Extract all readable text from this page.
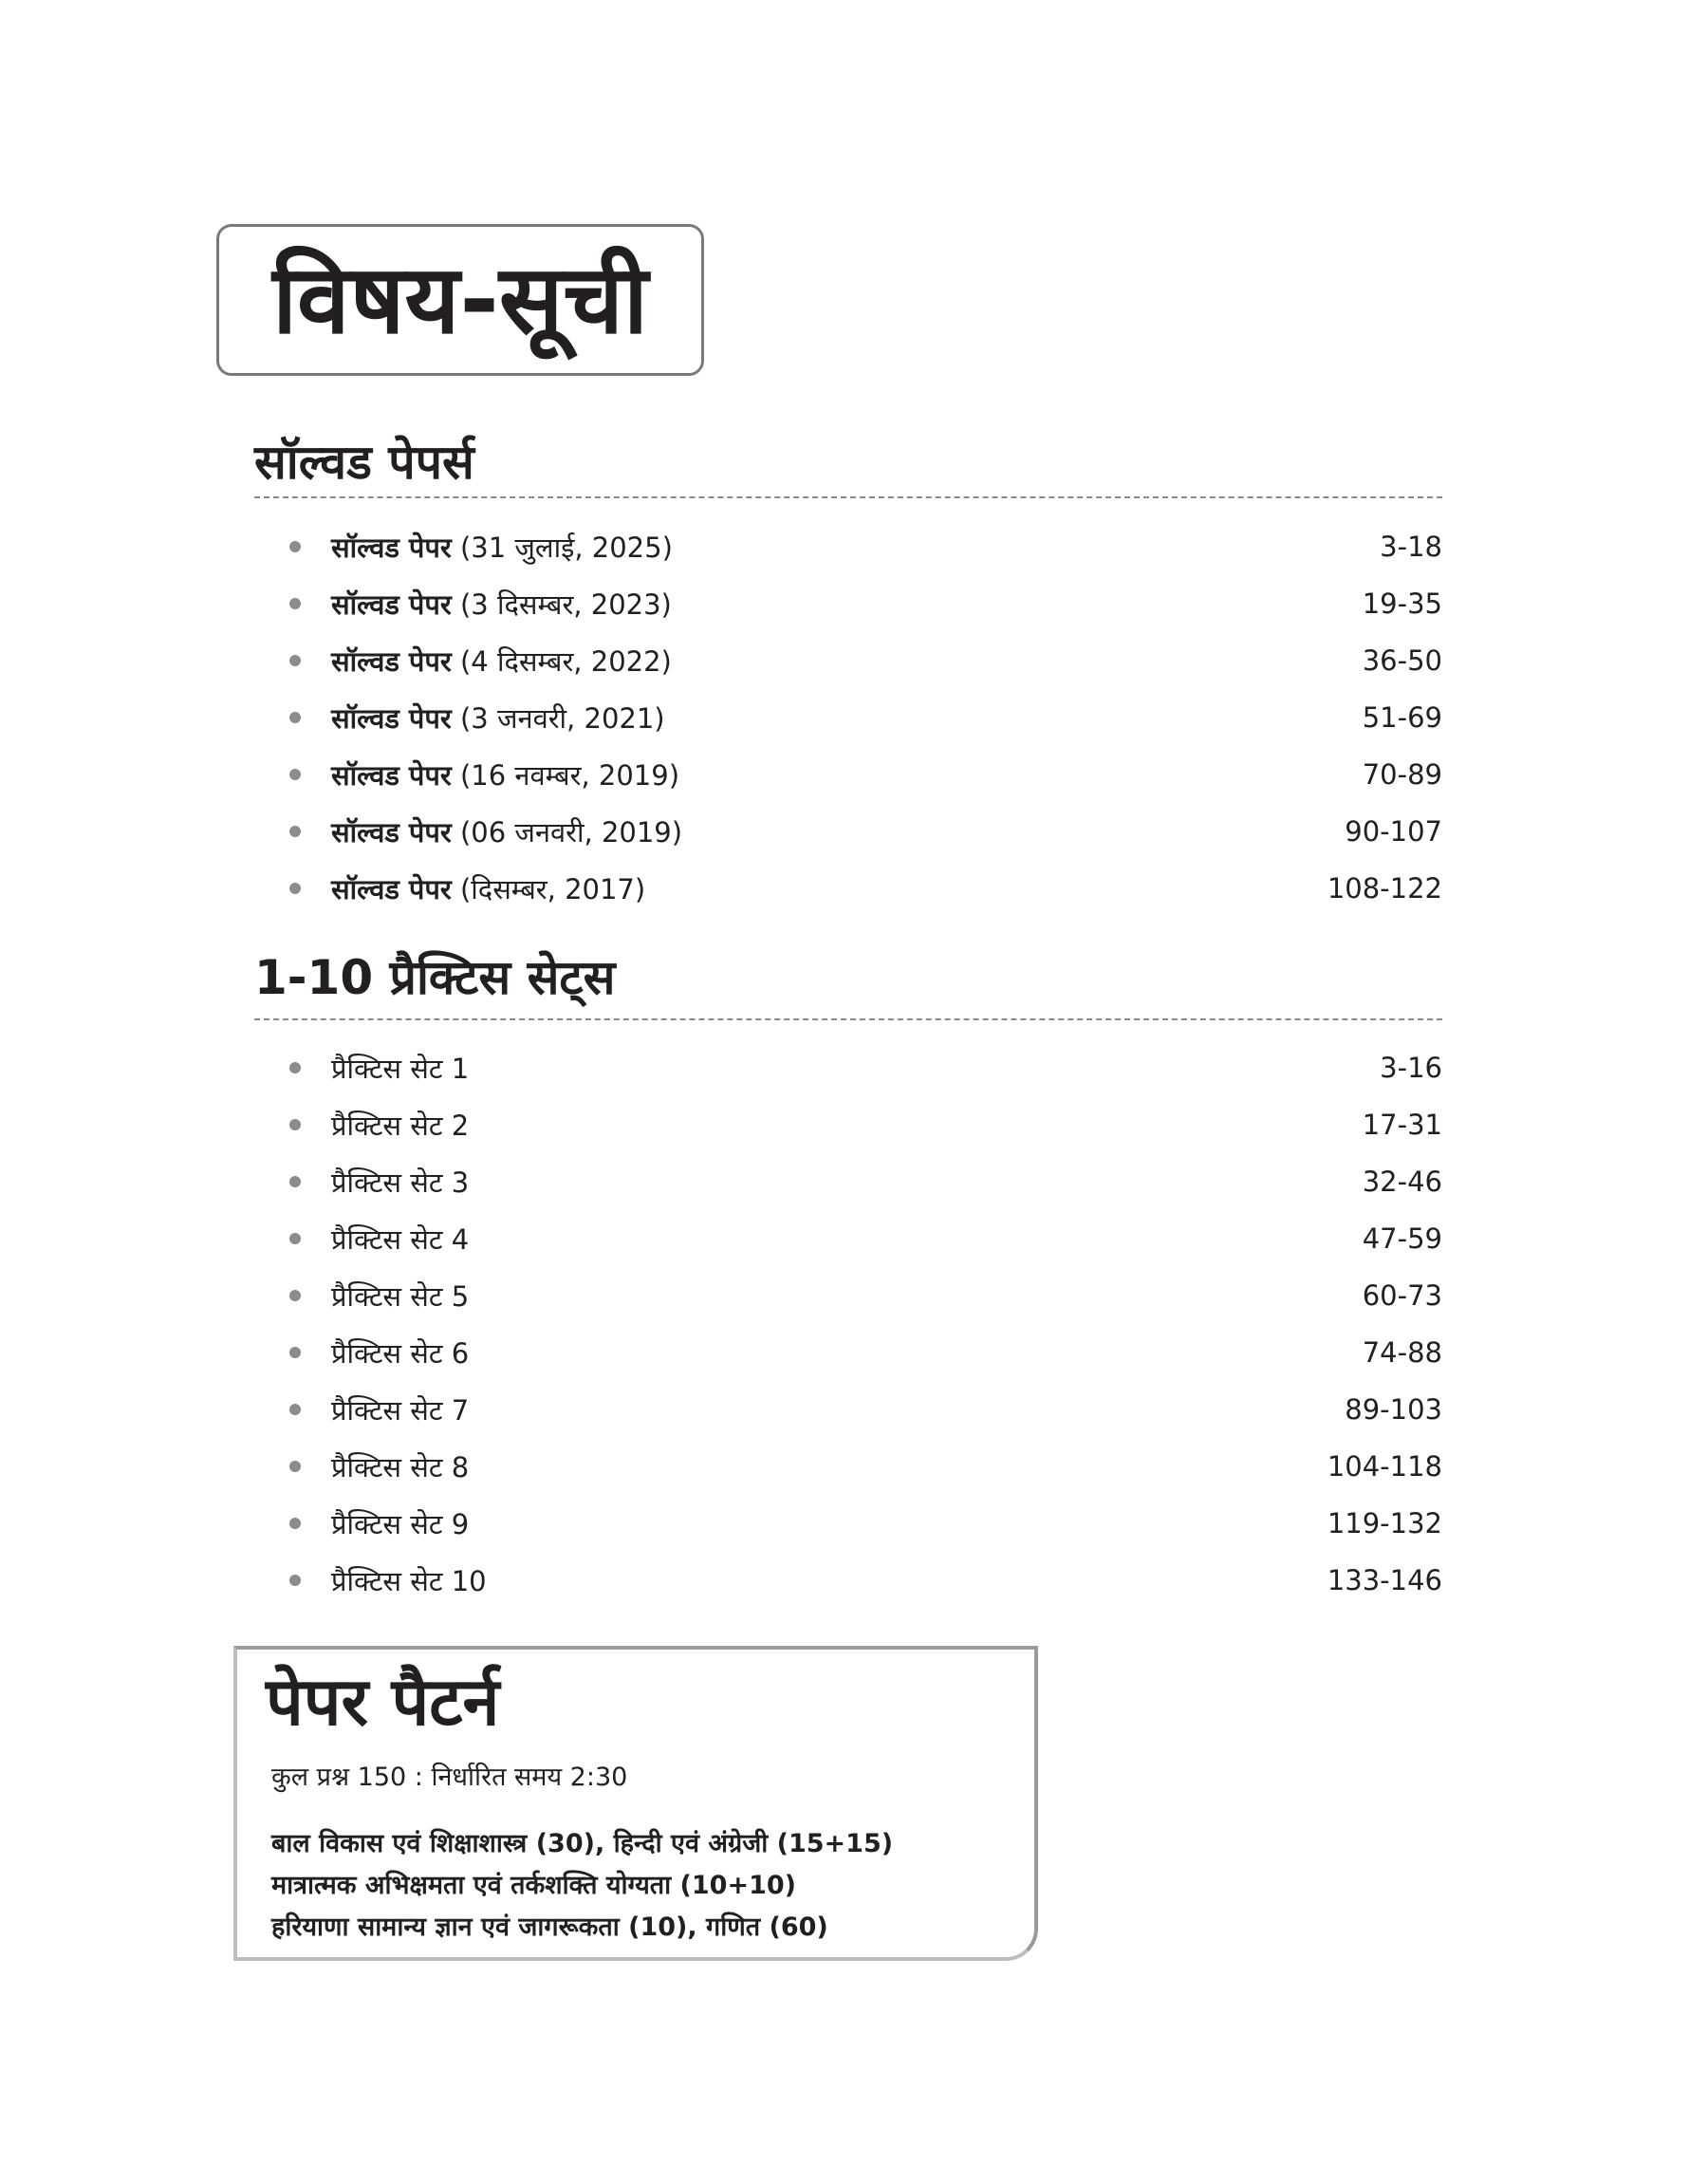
विषय-सूची
सॉल्वड पेपर्स
सॉल्वड पेपर (31 जुलाई, 2025)	3-18
सॉल्वड पेपर (3 दिसम्बर, 2023)	19-35
सॉल्वड पेपर (4 दिसम्बर, 2022)	36-50
सॉल्वड पेपर (3 जनवरी, 2021)	51-69
सॉल्वड पेपर (16 नवम्बर, 2019)	70-89
सॉल्वड पेपर (06 जनवरी, 2019)	90-107
सॉल्वड पेपर (दिसम्बर, 2017)	108-122
1-10 प्रैक्टिस सेट्स
प्रैक्टिस सेट 1	3-16
प्रैक्टिस सेट 2	17-31
प्रैक्टिस सेट 3	32-46
प्रैक्टिस सेट 4	47-59
प्रैक्टिस सेट 5	60-73
प्रैक्टिस सेट 6	74-88
प्रैक्टिस सेट 7	89-103
प्रैक्टिस सेट 8	104-118
प्रैक्टिस सेट 9	119-132
प्रैक्टिस सेट 10	133-146
पेपर पैटर्न
कुल प्रश्न 150 : निर्धारित समय 2:30
बाल विकास एवं शिक्षाशास्त्र (30), हिन्दी एवं अंग्रेजी (15+15)
मात्रात्मक अभिक्षमता एवं तर्कशक्ति योग्यता (10+10)
हरियाणा सामान्य ज्ञान एवं जागरूकता (10), गणित (60)
